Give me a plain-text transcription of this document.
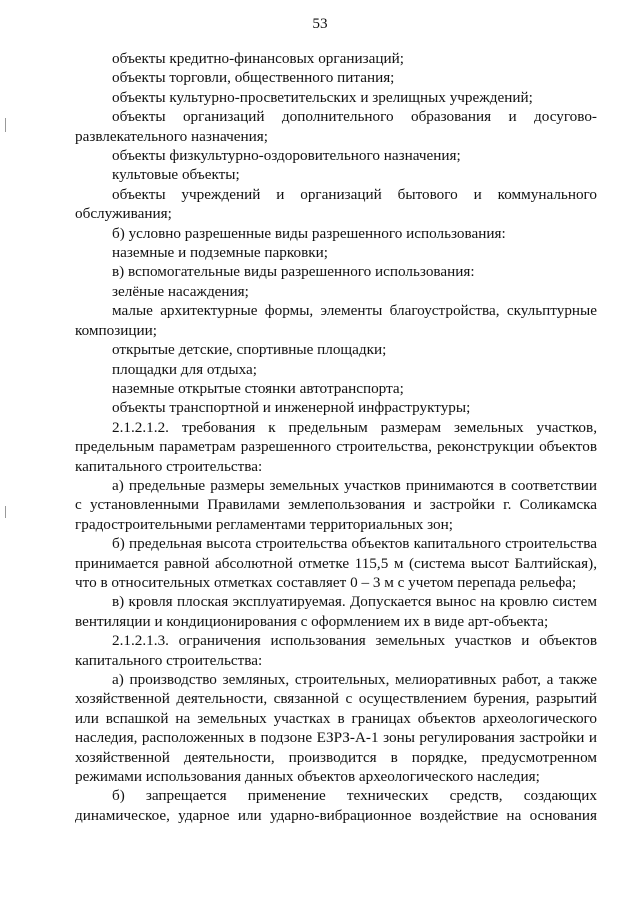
53

объекты кредитно-финансовых организаций;

объекты торговли, общественного питания;

объекты культурно-просветительских и зрелищных учреждений;

объекты организаций дополнительного образования и досугово-развлекательного назначения;

объекты физкультурно-оздоровительного назначения;

культовые объекты;

объекты учреждений и организаций бытового и коммунального обслуживания;

б) условно разрешенные виды разрешенного использования:

наземные и подземные парковки;

в) вспомогательные виды разрешенного использования:

зелёные насаждения;

малые архитектурные формы, элементы благоустройства, скульптурные композиции;

открытые детские, спортивные площадки;

площадки для отдыха;

наземные открытые стоянки автотранспорта;

объекты транспортной и инженерной инфраструктуры;

2.1.2.1.2. требования к предельным размерам земельных участков, предельным параметрам разрешенного строительства, реконструкции объектов капитального строительства:

а) предельные размеры земельных участков принимаются в соответствии с установленными Правилами землепользования и застройки г. Соликамска градостроительными регламентами территориальных зон;

б) предельная высота строительства объектов капитального строительства принимается равной абсолютной отметке 115,5 м (система высот Балтийская), что в относительных отметках составляет 0 – 3 м с учетом перепада рельефа;

в) кровля плоская эксплуатируемая. Допускается вынос на кровлю систем вентиляции и кондиционирования с оформлением их в виде арт-объекта;

2.1.2.1.3. ограничения использования земельных участков и объектов капитального строительства:

а) производство земляных, строительных, мелиоративных работ, а также хозяйственной деятельности, связанной с осуществлением бурения, разрытий или вспашкой на земельных участках в границах объектов археологического наследия, расположенных в подзоне ЕЗРЗ-А-1 зоны регулирования застройки и хозяйственной деятельности, производится в порядке, предусмотренном режимами использования данных объектов археологического наследия;

б) запрещается применение технических средств, создающих динамическое, ударное или ударно-вибрационное воздействие на основания
